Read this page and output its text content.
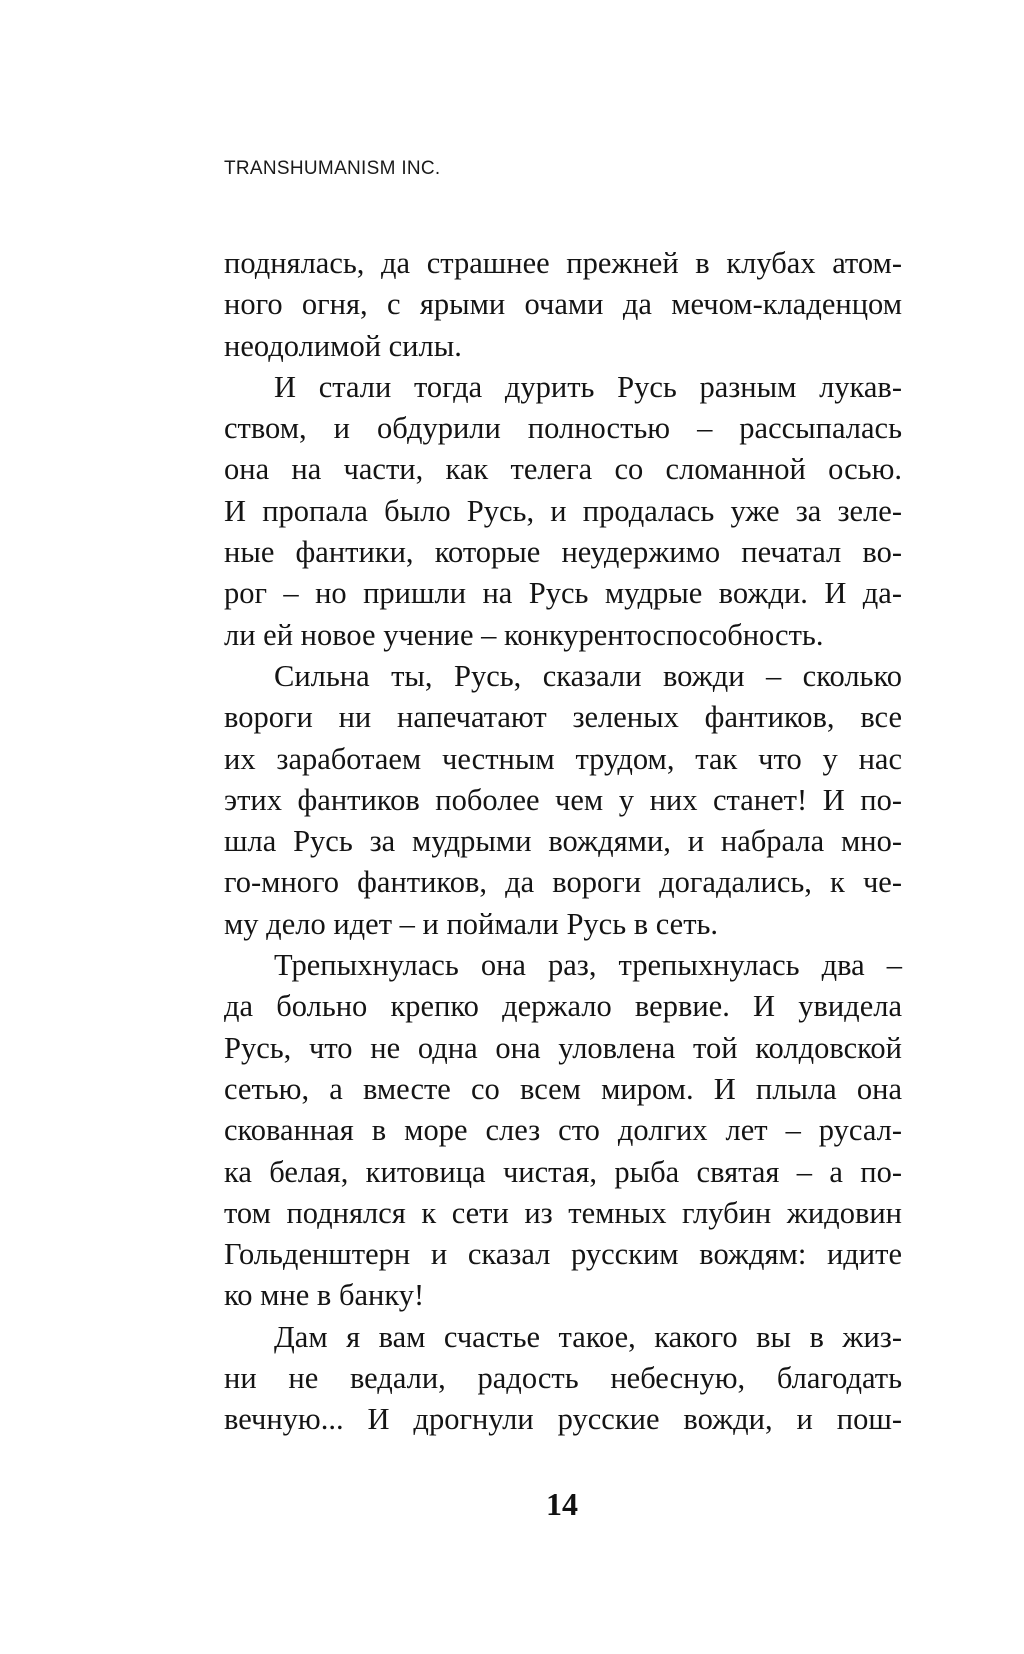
TRANSHUMANISM INC.
поднялась, да страшнее прежней в клубах атом-
ного огня, с ярыми очами да мечом-кладенцом
неодолимой силы.
И стали тогда дурить Русь разным лукав-
ством, и обдурили полностью – рассыпалась
она на части, как телега со сломанной осью.
И пропала было Русь, и продалась уже за зеле-
ные фантики, которые неудержимо печатал во-
рог – но пришли на Русь мудрые вожди. И да-
ли ей новое учение – конкурентоспособность.
Сильна ты, Русь, сказали вожди – сколько
вороги ни напечатают зеленых фантиков, все
их заработаем честным трудом, так что у нас
этих фантиков поболее чем у них станет! И по-
шла Русь за мудрыми вождями, и набрала мно-
го-много фантиков, да вороги догадались, к че-
му дело идет – и поймали Русь в сеть.
Трепыхнулась она раз, трепыхнулась два –
да больно крепко держало вервие. И увидела
Русь, что не одна она уловлена той колдовской
сетью, а вместе со всем миром. И плыла она
скованная в море слез сто долгих лет – русал-
ка белая, китовица чистая, рыба святая – а по-
том поднялся к сети из темных глубин жидовин
Гольденштерн и сказал русским вождям: идите
ко мне в банку!
Дам я вам счастье такое, какого вы в жиз-
ни не ведали, радость небесную, благодать
вечную... И дрогнули русские вожди, и пош-
14
